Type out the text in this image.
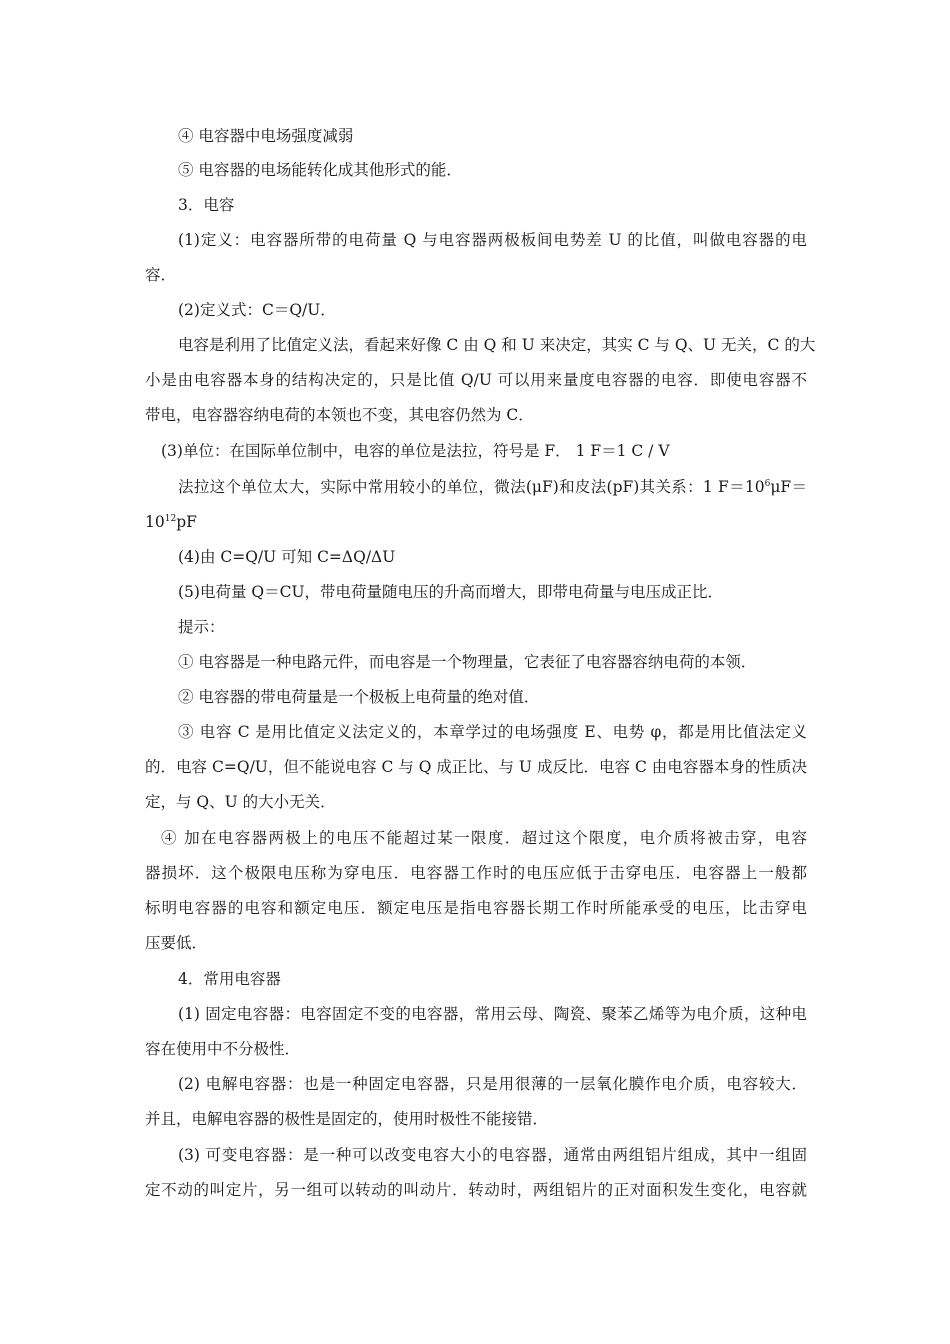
④ 电容器中电场强度减弱
⑤ 电容器的电场能转化成其他形式的能．
3．电容
(1)定义：电容器所带的电荷量 Q 与电容器两极板间电势差 U 的比值，叫做电容器的电
容．
(2)定义式：C＝Q/U．
电容是利用了比值定义法，看起来好像 C 由 Q 和 U 来决定，其实 C 与 Q、U 无关，C 的大
小是由电容器本身的结构决定的，只是比值 Q/U 可以用来量度电容器的电容．即使电容器不
带电，电容器容纳电荷的本领也不变，其电容仍然为 C．
(3)单位：在国际单位制中，电容的单位是法拉，符号是 F． 1 F＝1 C / V
法拉这个单位太大，实际中常用较小的单位，微法(μF)和皮法(pF)其关系：1 $F=10^6\mu F=$
$10^{12}pF$
(4)由 C=Q/U 可知 C=ΔQ/ΔU
(5)电荷量 Q＝CU，带电荷量随电压的升高而增大，即带电荷量与电压成正比．
提示：
① 电容器是一种电路元件，而电容是一个物理量，它表征了电容器容纳电荷的本领．
② 电容器的带电荷量是一个极板上电荷量的绝对值．
③ 电容 C 是用比值定义法定义的，本章学过的电场强度 E、电势 φ，都是用比值法定义
的．电容 C=Q/U，但不能说电容 C 与 Q 成正比、与 U 成反比．电容 C 由电容器本身的性质决
定，与 Q、U 的大小无关．
④ 加在电容器两极上的电压不能超过某一限度．超过这个限度，电介质将被击穿，电容
器损坏．这个极限电压称为穿电压．电容器工作时的电压应低于击穿电压．电容器上一般都
标明电容器的电容和额定电压．额定电压是指电容器长期工作时所能承受的电压，比击穿电
压要低．
4．常用电容器
(1) 固定电容器：电容固定不变的电容器，常用云母、陶瓷、聚苯乙烯等为电介质，这种电
容在使用中不分极性．
(2) 电解电容器：也是一种固定电容器，只是用很薄的一层氧化膜作电介质，电容较大．
并且，电解电容器的极性是固定的，使用时极性不能接错．
(3) 可变电容器：是一种可以改变电容大小的电容器，通常由两组铝片组成，其中一组固
定不动的叫定片，另一组可以转动的叫动片．转动时，两组铝片的正对面积发生变化，电容就
